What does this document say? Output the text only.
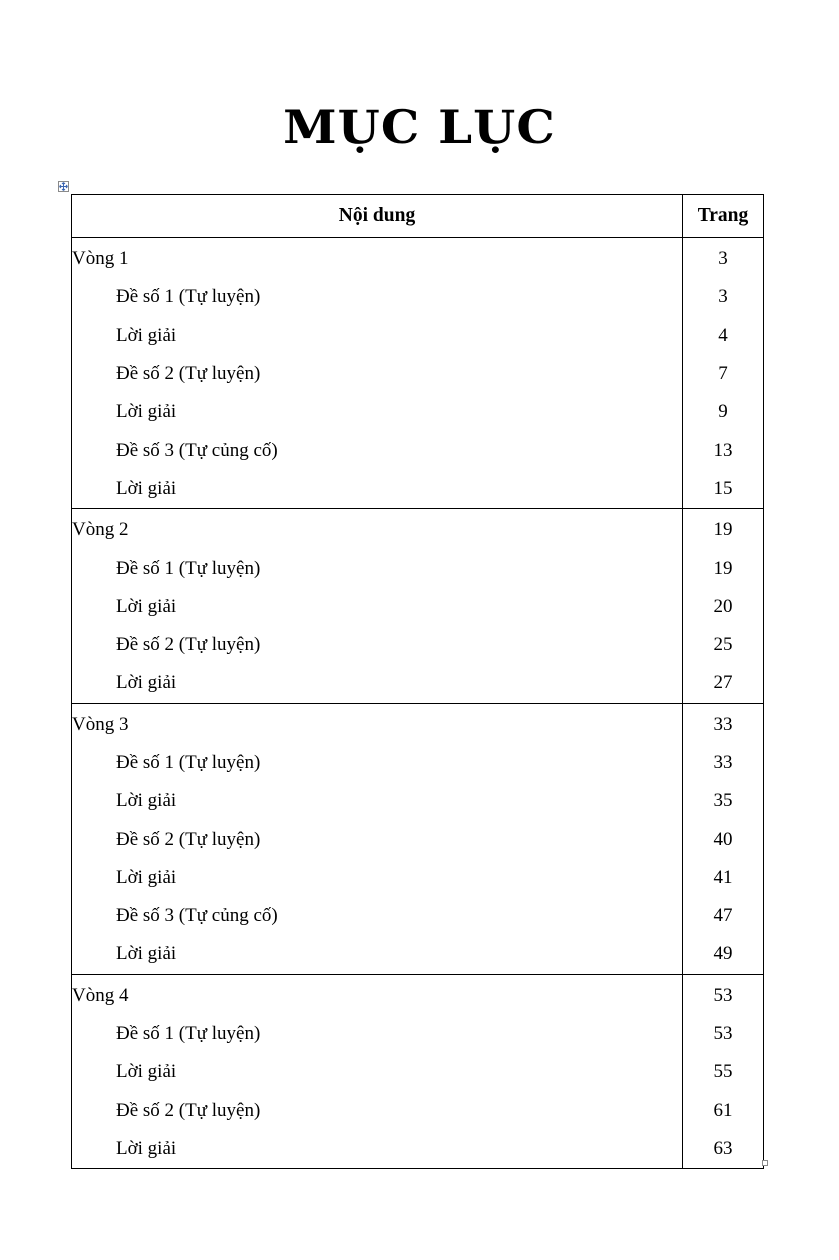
MỤC LỤC
Nội dung	Trang
Vòng 1	3
Đề số 1 (Tự luyện)	3
Lời giải	4
Đề số 2 (Tự luyện)	7
Lời giải	9
Đề số 3 (Tự củng cố)	13
Lời giải	15
Vòng 2	19
Đề số 1 (Tự luyện)	19
Lời giải	20
Đề số 2 (Tự luyện)	25
Lời giải	27
Vòng 3	33
Đề số 1 (Tự luyện)	33
Lời giải	35
Đề số 2 (Tự luyện)	40
Lời giải	41
Đề số 3 (Tự củng cố)	47
Lời giải	49
Vòng 4	53
Đề số 1 (Tự luyện)	53
Lời giải	55
Đề số 2 (Tự luyện)	61
Lời giải	63
